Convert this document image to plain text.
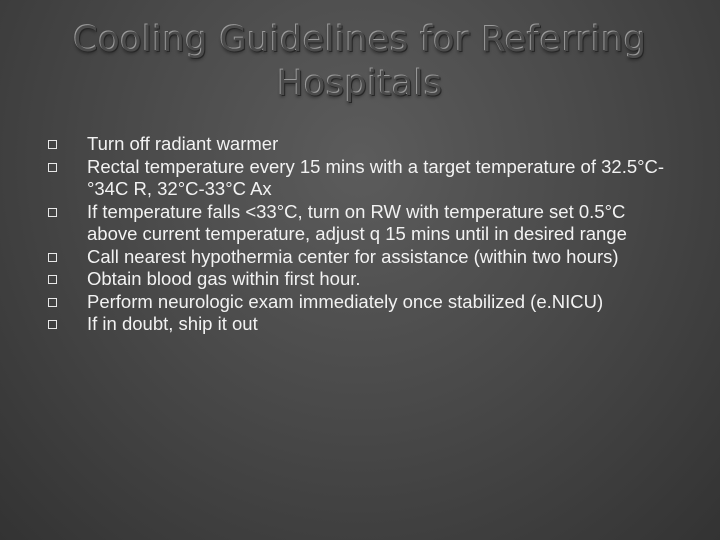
Cooling Guidelines for Referring Hospitals
Turn off radiant warmer
Rectal temperature every 15 mins with a target temperature of 32.5°C- °34C R, 32°C-33°C Ax
If temperature falls <33°C, turn on RW with temperature set 0.5°C above current temperature, adjust q 15 mins until in desired range
Call nearest hypothermia center for assistance (within two hours)
Obtain blood gas within first hour.
Perform neurologic exam immediately once stabilized (e.NICU)
If in doubt, ship it out
